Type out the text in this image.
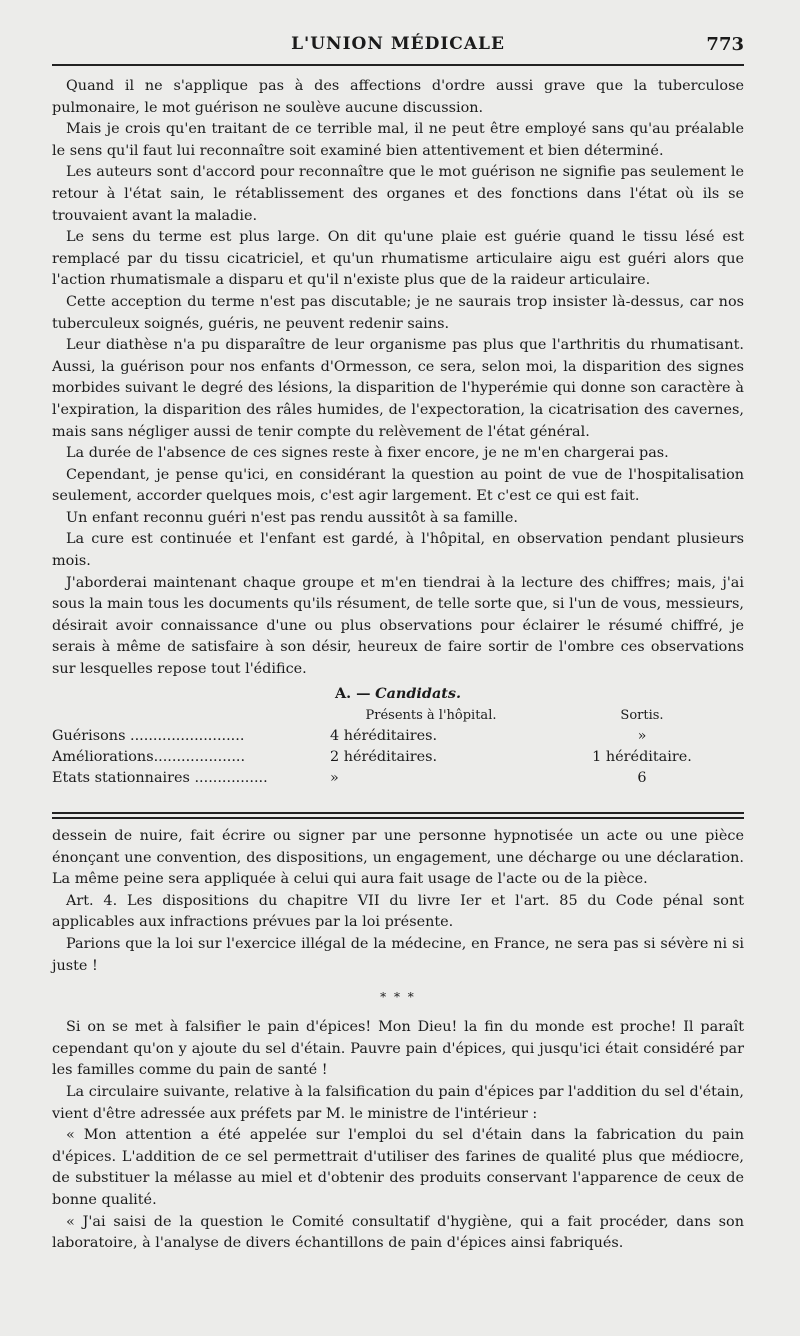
L'UNION MÉDICALE	773

Quand il ne s'applique pas à des affections d'ordre aussi grave que la tuberculose pulmonaire, le mot guérison ne soulève aucune discussion.

Mais je crois qu'en traitant de ce terrible mal, il ne peut être employé sans qu'au préalable le sens qu'il faut lui reconnaître soit examiné bien attentivement et bien déterminé.

Les auteurs sont d'accord pour reconnaître que le mot guérison ne signifie pas seulement le retour à l'état sain, le rétablissement des organes et des fonctions dans l'état où ils se trouvaient avant la maladie.

Le sens du terme est plus large. On dit qu'une plaie est guérie quand le tissu lésé est remplacé par du tissu cicatriciel, et qu'un rhumatisme articulaire aigu est guéri alors que l'action rhumatismale a disparu et qu'il n'existe plus que de la raideur articulaire.

Cette acception du terme n'est pas discutable; je ne saurais trop insister là-dessus, car nos tuberculeux soignés, guéris, ne peuvent redenir sains.

Leur diathèse n'a pu disparaître de leur organisme pas plus que l'arthritis du rhumatisant. Aussi, la guérison pour nos enfants d'Ormesson, ce sera, selon moi, la disparition des signes morbides suivant le degré des lésions, la disparition de l'hyperémie qui donne son caractère à l'expiration, la disparition des râles humides, de l'expectoration, la cicatrisation des cavernes, mais sans négliger aussi de tenir compte du relèvement de l'état général.

La durée de l'absence de ces signes reste à fixer encore, je ne m'en chargerai pas.

Cependant, je pense qu'ici, en considérant la question au point de vue de l'hospitalisation seulement, accorder quelques mois, c'est agir largement. Et c'est ce qui est fait.

Un enfant reconnu guéri n'est pas rendu aussitôt à sa famille.

La cure est continuée et l'enfant est gardé, à l'hôpital, en observation pendant plusieurs mois.

J'aborderai maintenant chaque groupe et m'en tiendrai à la lecture des chiffres; mais, j'ai sous la main tous les documents qu'ils résument, de telle sorte que, si l'un de vous, messieurs, désirait avoir connaissance d'une ou plus observations pour éclairer le résumé chiffré, je serais à même de satisfaire à son désir, heureux de faire sortir de l'ombre ces observations sur lesquelles repose tout l'édifice.

A. — Candidats.
	Présents à l'hôpital.	Sortis.
Guérisons .........................	4 héréditaires.	»
Améliorations....................	2 héréditaires.	1 héréditaire.
Etats stationnaires ................	»	6

dessein de nuire, fait écrire ou signer par une personne hypnotisée un acte ou une pièce énonçant une convention, des dispositions, un engagement, une décharge ou une déclaration. La même peine sera appliquée à celui qui aura fait usage de l'acte ou de la pièce.

Art. 4. Les dispositions du chapitre VII du livre Ier et l'art. 85 du Code pénal sont applicables aux infractions prévues par la loi présente.

Parions que la loi sur l'exercice illégal de la médecine, en France, ne sera pas si sévère ni si juste !

* * *

Si on se met à falsifier le pain d'épices! Mon Dieu! la fin du monde est proche! Il paraît cependant qu'on y ajoute du sel d'étain. Pauvre pain d'épices, qui jusqu'ici était considéré par les familles comme du pain de santé !

La circulaire suivante, relative à la falsification du pain d'épices par l'addition du sel d'étain, vient d'être adressée aux préfets par M. le ministre de l'intérieur :

« Mon attention a été appelée sur l'emploi du sel d'étain dans la fabrication du pain d'épices. L'addition de ce sel permettrait d'utiliser des farines de qualité plus que médiocre, de substituer la mélasse au miel et d'obtenir des produits conservant l'apparence de ceux de bonne qualité.

« J'ai saisi de la question le Comité consultatif d'hygiène, qui a fait procéder, dans son laboratoire, à l'analyse de divers échantillons de pain d'épices ainsi fabriqués.
